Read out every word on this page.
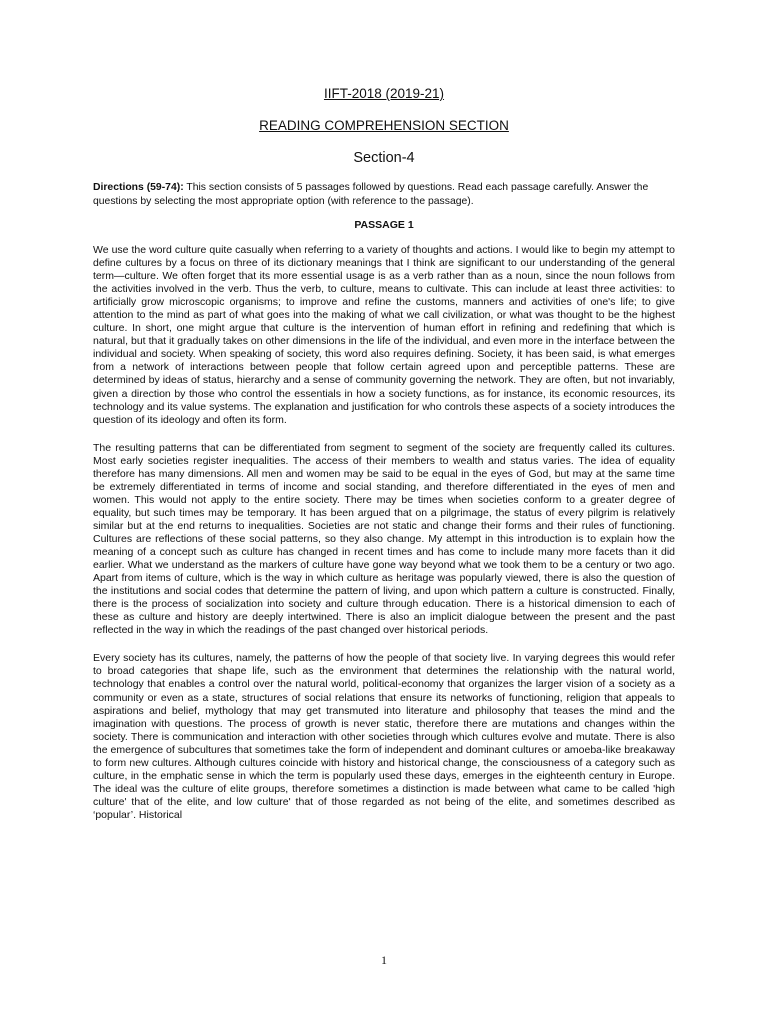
IIFT-2018 (2019-21)
READING COMPREHENSION SECTION
Section-4

Directions (59-74): This section consists of 5 passages followed by questions. Read each passage carefully. Answer the questions by selecting the most appropriate option (with reference to the passage).

PASSAGE 1

We use the word culture quite casually when referring to a variety of thoughts and actions. I would like to begin my attempt to define cultures by a focus on three of its dictionary meanings that I think are significant to our understanding of the general term—culture. We often forget that its more essential usage is as a verb rather than as a noun, since the noun follows from the activities involved in the verb. Thus the verb, to culture, means to cultivate. This can include at least three activities: to artificially grow microscopic organisms; to improve and refine the customs, manners and activities of one's life; to give attention to the mind as part of what goes into the making of what we call civilization, or what was thought to be the highest culture. In short, one might argue that culture is the intervention of human effort in refining and redefining that which is natural, but that it gradually takes on other dimensions in the life of the individual, and even more in the interface between the individual and society. When speaking of society, this word also requires defining. Society, it has been said, is what emerges from a network of interactions between people that follow certain agreed upon and perceptible patterns. These are determined by ideas of status, hierarchy and a sense of community governing the network. They are often, but not invariably, given a direction by those who control the essentials in how a society functions, as for instance, its economic resources, its technology and its value systems. The explanation and justification for who controls these aspects of a society introduces the question of its ideology and often its form.

The resulting patterns that can be differentiated from segment to segment of the society are frequently called its cultures. Most early societies register inequalities. The access of their members to wealth and status varies. The idea of equality therefore has many dimensions. All men and women may be said to be equal in the eyes of God, but may at the same time be extremely differentiated in terms of income and social standing, and therefore differentiated in the eyes of men and women. This would not apply to the entire society. There may be times when societies conform to a greater degree of equality, but such times may be temporary. It has been argued that on a pilgrimage, the status of every pilgrim is relatively similar but at the end returns to inequalities. Societies are not static and change their forms and their rules of functioning. Cultures are reflections of these social patterns, so they also change. My attempt in this introduction is to explain how the meaning of a concept such as culture has changed in recent times and has come to include many more facets than it did earlier. What we understand as the markers of culture have gone way beyond what we took them to be a century or two ago. Apart from items of culture, which is the way in which culture as heritage was popularly viewed, there is also the question of the institutions and social codes that determine the pattern of living, and upon which pattern a culture is constructed. Finally, there is the process of socialization into society and culture through education. There is a historical dimension to each of these as culture and history are deeply intertwined. There is also an implicit dialogue between the present and the past reflected in the way in which the readings of the past changed over historical periods.

Every society has its cultures, namely, the patterns of how the people of that society live. In varying degrees this would refer to broad categories that shape life, such as the environment that determines the relationship with the natural world, technology that enables a control over the natural world, political-economy that organizes the larger vision of a society as a community or even as a state, structures of social relations that ensure its networks of functioning, religion that appeals to aspirations and belief, mythology that may get transmuted into literature and philosophy that teases the mind and the imagination with questions. The process of growth is never static, therefore there are mutations and changes within the society. There is communication and interaction with other societies through which cultures evolve and mutate. There is also the emergence of subcultures that sometimes take the form of independent and dominant cultures or amoeba-like breakaway to form new cultures. Although cultures coincide with history and historical change, the consciousness of a category such as culture, in the emphatic sense in which the term is popularly used these days, emerges in the eighteenth century in Europe. The ideal was the culture of elite groups, therefore sometimes a distinction is made between what came to be called 'high culture' that of the elite, and low culture' that of those regarded as not being of the elite, and sometimes described as ‘popular’. Historical

1
